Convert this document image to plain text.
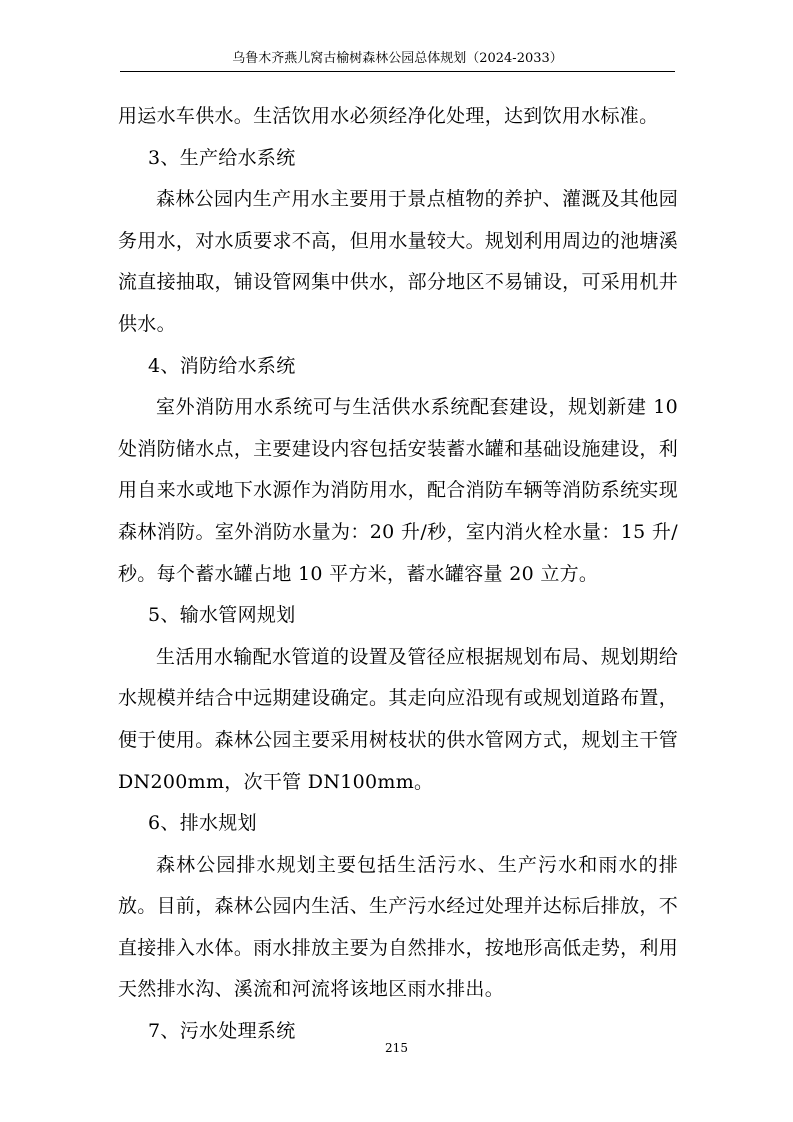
乌鲁木齐燕儿窝古榆树森林公园总体规划（2024-2033）

用运水车供水。生活饮用水必须经净化处理，达到饮用水标准。

3、生产给水系统

森林公园内生产用水主要用于景点植物的养护、灌溉及其他园务用水，对水质要求不高，但用水量较大。规划利用周边的池塘溪流直接抽取，铺设管网集中供水，部分地区不易铺设，可采用机井供水。

4、消防给水系统

室外消防用水系统可与生活供水系统配套建设，规划新建 10 处消防储水点，主要建设内容包括安装蓄水罐和基础设施建设，利用自来水或地下水源作为消防用水，配合消防车辆等消防系统实现森林消防。室外消防水量为：20 升/秒，室内消火栓水量：15 升/秒。每个蓄水罐占地 10 平方米，蓄水罐容量 20 立方。

5、输水管网规划

生活用水输配水管道的设置及管径应根据规划布局、规划期给水规模并结合中远期建设确定。其走向应沿现有或规划道路布置，便于使用。森林公园主要采用树枝状的供水管网方式，规划主干管 DN200mm，次干管 DN100mm。

6、排水规划

森林公园排水规划主要包括生活污水、生产污水和雨水的排放。目前，森林公园内生活、生产污水经过处理并达标后排放，不直接排入水体。雨水排放主要为自然排水，按地形高低走势，利用天然排水沟、溪流和河流将该地区雨水排出。

7、污水处理系统

215
